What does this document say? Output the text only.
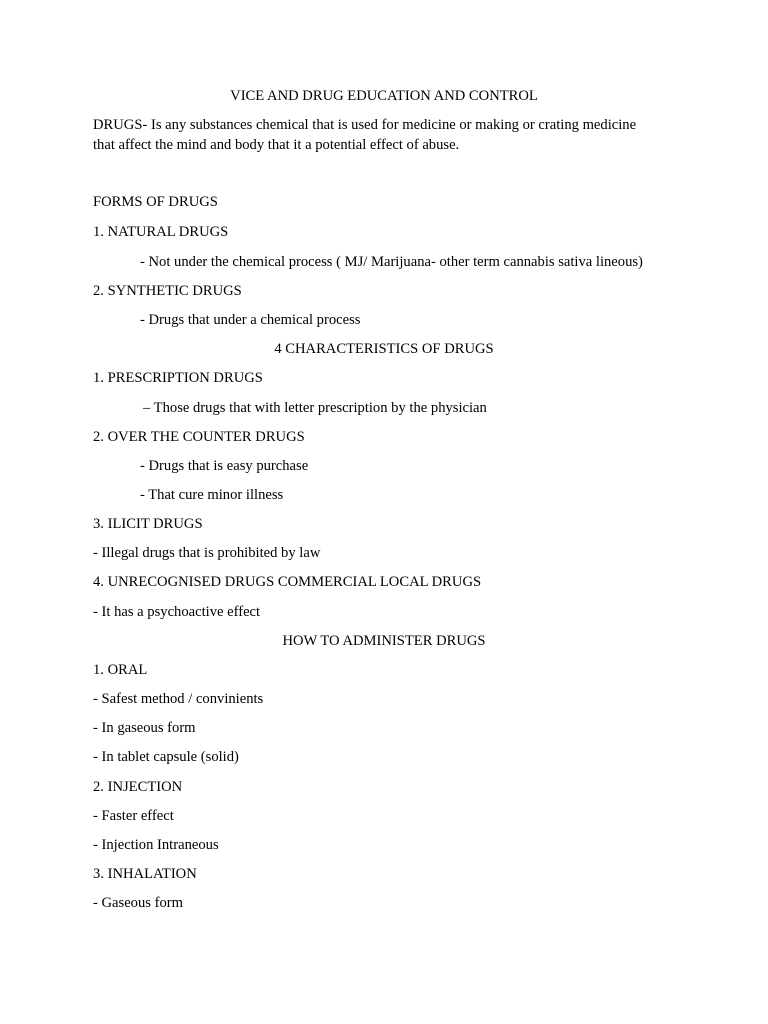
VICE AND DRUG EDUCATION AND CONTROL
DRUGS- Is any substances chemical that is used for medicine or making or crating medicine
that affect the mind and body that it a potential effect of abuse.
FORMS OF DRUGS
1. NATURAL DRUGS
- Not under the chemical process ( MJ/ Marijuana- other term cannabis sativa lineous)
2. SYNTHETIC DRUGS
- Drugs that under a chemical process
4 CHARACTERISTICS OF DRUGS
1. PRESCRIPTION DRUGS
– Those drugs that with letter prescription by the physician
2. OVER THE COUNTER DRUGS
- Drugs that is easy purchase
- That cure minor illness
3. ILICIT DRUGS
- Illegal drugs that is prohibited by law
4. UNRECOGNISED DRUGS COMMERCIAL LOCAL DRUGS
- It has a psychoactive effect
HOW TO ADMINISTER DRUGS
1. ORAL
- Safest method / convinients
- In gaseous form
- In tablet capsule (solid)
2. INJECTION
- Faster effect
- Injection Intraneous
3. INHALATION
- Gaseous form
